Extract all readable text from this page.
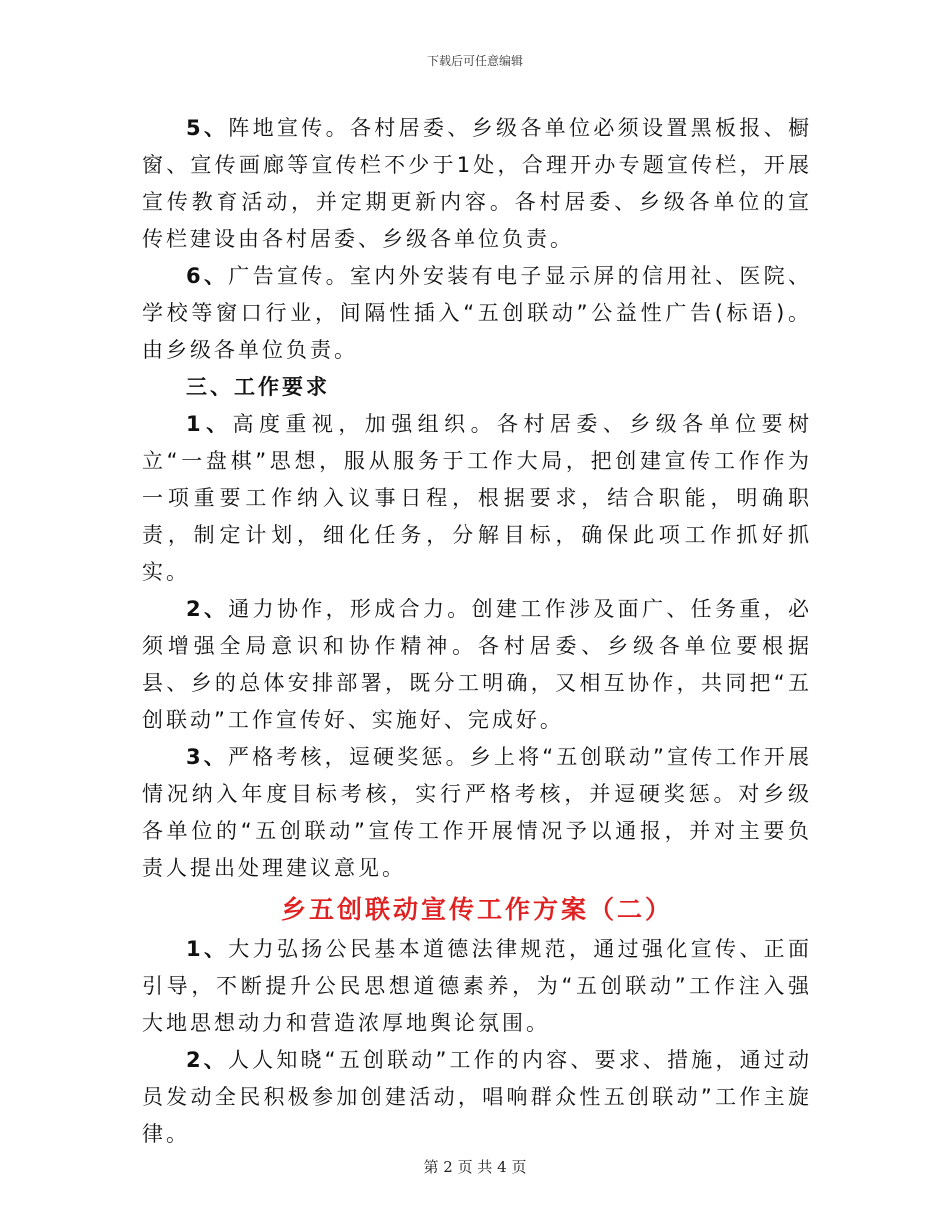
下载后可任意编辑

5、阵地宣传。各村居委、乡级各单位必须设置黑板报、橱窗、宣传画廊等宣传栏不少于1处，合理开办专题宣传栏，开展宣传教育活动，并定期更新内容。各村居委、乡级各单位的宣传栏建设由各村居委、乡级各单位负责。

6、广告宣传。室内外安装有电子显示屏的信用社、医院、学校等窗口行业，间隔性插入“五创联动”公益性广告(标语)。由乡级各单位负责。

三、工作要求

1、高度重视，加强组织。各村居委、乡级各单位要树立“一盘棋”思想，服从服务于工作大局，把创建宣传工作作为一项重要工作纳入议事日程，根据要求，结合职能，明确职责，制定计划，细化任务，分解目标，确保此项工作抓好抓实。

2、通力协作，形成合力。创建工作涉及面广、任务重，必须增强全局意识和协作精神。各村居委、乡级各单位要根据县、乡的总体安排部署，既分工明确，又相互协作，共同把“五创联动”工作宣传好、实施好、完成好。

3、严格考核，逗硬奖惩。乡上将“五创联动”宣传工作开展情况纳入年度目标考核，实行严格考核，并逗硬奖惩。对乡级各单位的“五创联动”宣传工作开展情况予以通报，并对主要负责人提出处理建议意见。

乡五创联动宣传工作方案（二）

1、大力弘扬公民基本道德法律规范，通过强化宣传、正面引导，不断提升公民思想道德素养，为“五创联动”工作注入强大地思想动力和营造浓厚地舆论氛围。

2、人人知晓“五创联动”工作的内容、要求、措施，通过动员发动全民积极参加创建活动，唱响群众性五创联动”工作主旋律。

第 2 页 共 4 页
